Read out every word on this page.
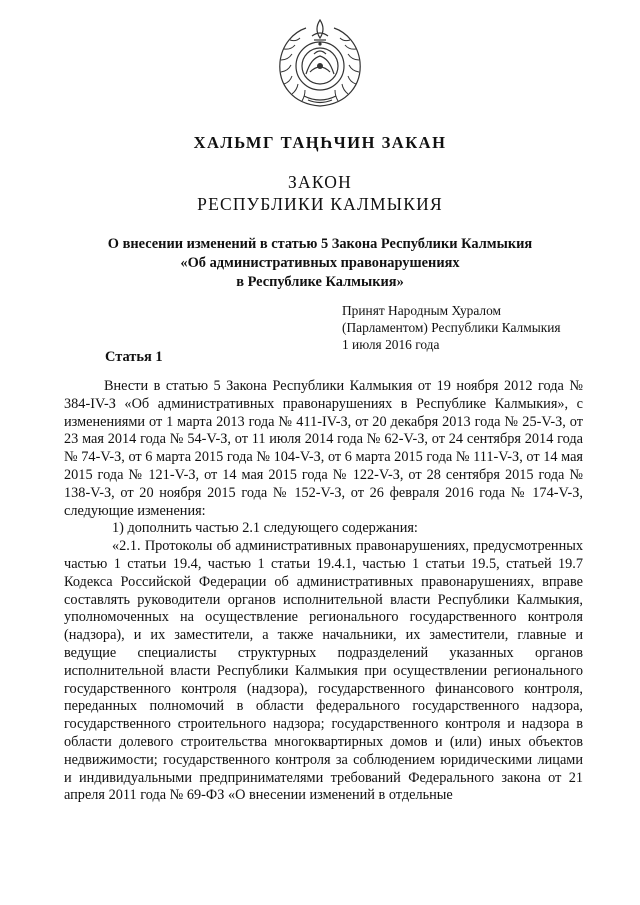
ХАЛЬМГ ТАҢҺЧИН ЗАКАН
ЗАКОН
РЕСПУБЛИКИ КАЛМЫКИЯ
О внесении изменений в статью 5 Закона Республики Калмыкия
«Об административных правонарушениях
в Республике Калмыкия»
Принят Народным Хуралом
(Парламентом) Республики Калмыкия
1 июля 2016 года
Статья 1

Внести в статью 5 Закона Республики Калмыкия от 19 ноября 2012 года № 384-IV-З «Об административных правонарушениях в Республике Калмыкия», с изменениями от 1 марта 2013 года № 411-IV-З, от 20 декабря 2013 года № 25-V-З, от 23 мая 2014 года № 54-V-З, от 11 июля 2014 года № 62-V-З, от 24 сентября 2014 года № 74-V-З, от 6 марта 2015 года № 104-V-З, от 6 марта 2015 года № 111-V-З, от 14 мая 2015 года № 121-V-З, от 14 мая 2015 года № 122-V-З, от 28 сентября 2015 года № 138-V-З, от 20 ноября 2015 года № 152-V-З, от 26 февраля 2016 года № 174-V-З, следующие изменения:

1) дополнить частью 2.1 следующего содержания:

«2.1. Протоколы об административных правонарушениях, предусмотренных частью 1 статьи 19.4, частью 1 статьи 19.4.1, частью 1 статьи 19.5, статьей 19.7 Кодекса Российской Федерации об административных правонарушениях, вправе составлять руководители органов исполнительной власти Республики Калмыкия, уполномоченных на осуществление регионального государственного контроля (надзора), и их заместители, а также начальники, их заместители, главные и ведущие специалисты структурных подразделений указанных органов исполнительной власти Республики Калмыкия при осуществлении регионального государственного контроля (надзора), государственного финансового контроля, переданных полномочий в области федерального государственного надзора, государственного строительного надзора; государственного контроля и надзора в области долевого строительства многоквартирных домов и (или) иных объектов недвижимости; государственного контроля за соблюдением юридическими лицами и индивидуальными предпринимателями требований Федерального закона от 21 апреля 2011 года № 69-ФЗ «О внесении изменений в отдельные
